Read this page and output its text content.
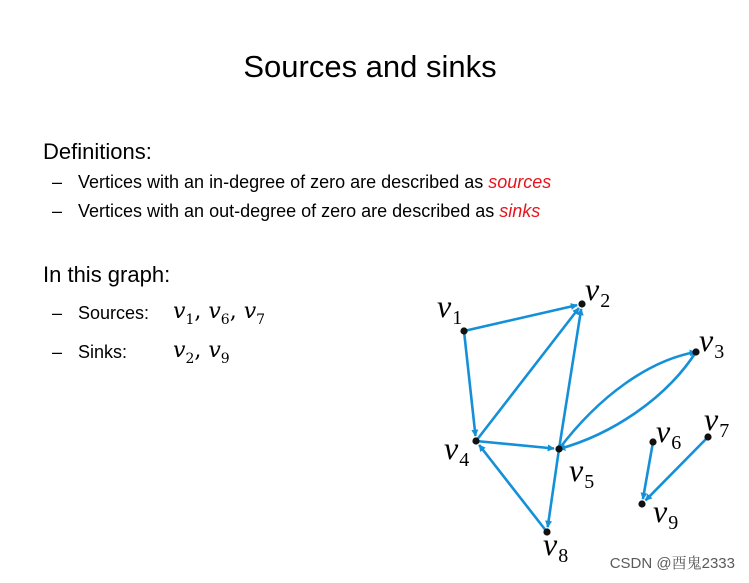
Sources and sinks
Definitions:
– Vertices with an in-degree of zero are described as sources
– Vertices with an out-degree of zero are described as sinks
In this graph:
– Sources: $v_1$, $v_6$, $v_7$
– Sinks: $v_2$, $v_9$
$v_1$
$v_2$
$v_3$
$v_4$	$v_5$
$v_6$
$v_7$
$v_8$
$v_9$
CSDN @酉鬼2333
